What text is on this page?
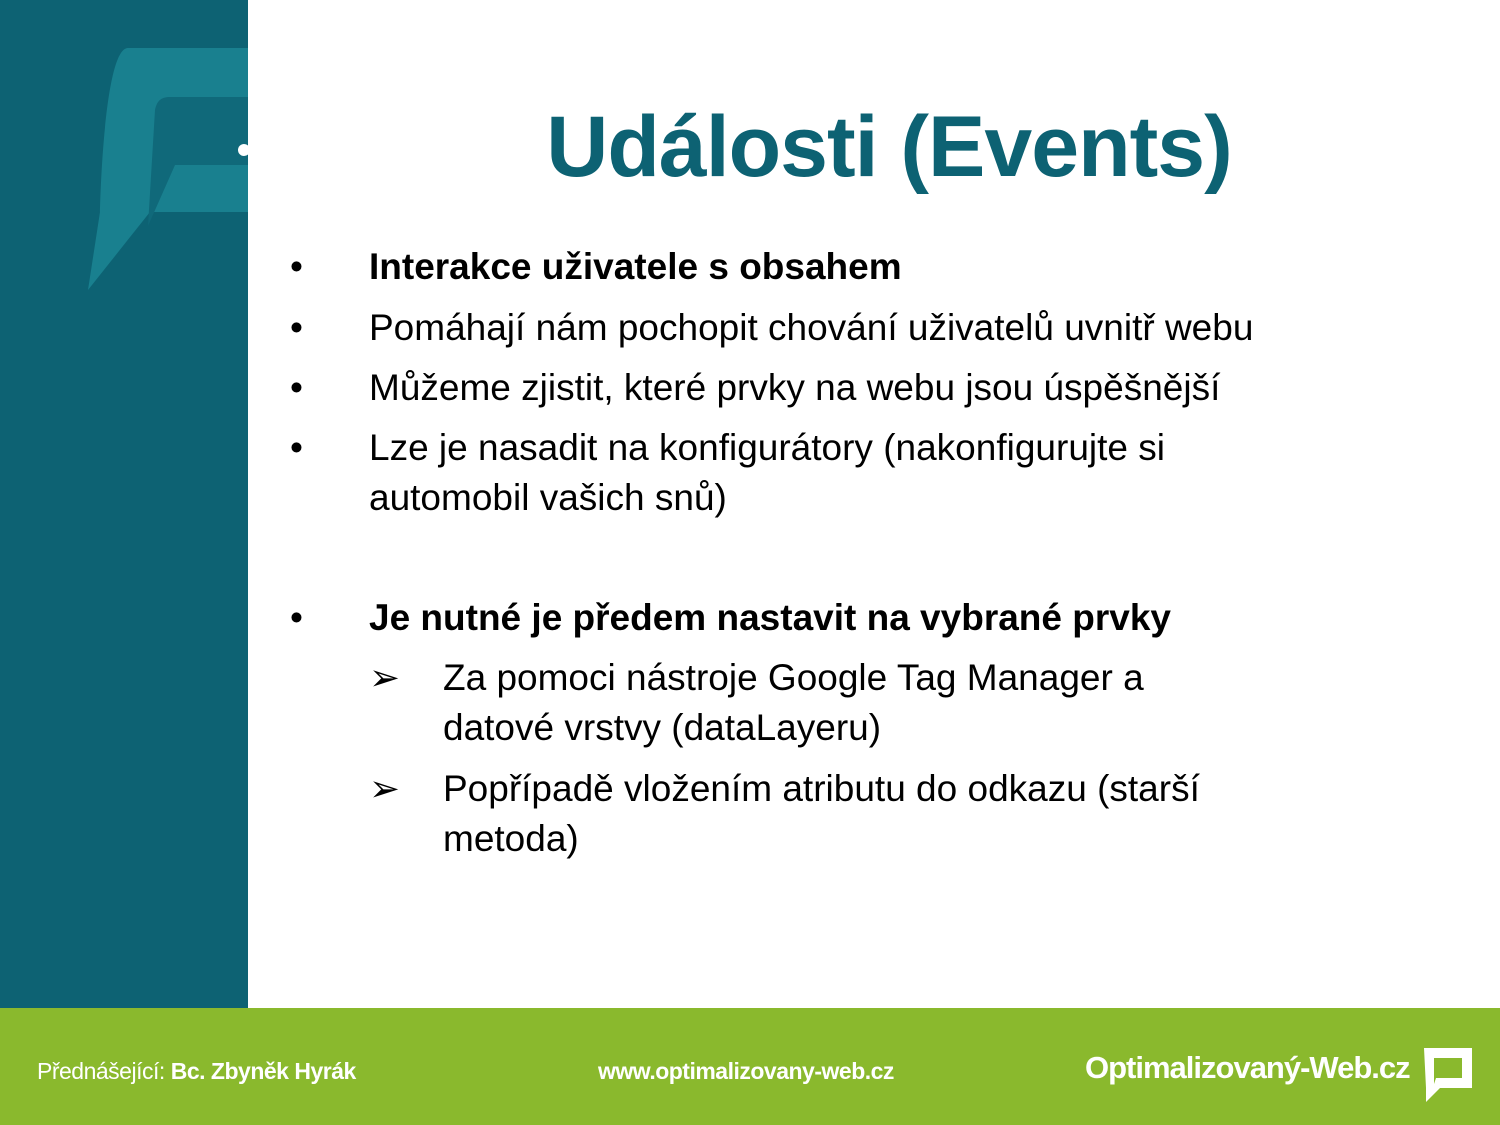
Události (Events)
• Interakce uživatele s obsahem
• Pomáhají nám pochopit chování uživatelů uvnitř webu
• Můžeme zjistit, které prvky na webu jsou úspěšnější
• Lze je nasadit na konfigurátory (nakonfigurujte si automobil vašich snů)
• Je nutné je předem nastavit na vybrané prvky
➢ Za pomoci nástroje Google Tag Manager a datové vrstvy (dataLayeru)
➢ Popřípadě vložením atributu do odkazu (starší metoda)
Přednášející: Bc. Zbyněk Hyrák	www.optimalizovany-web.cz	Optimalizovaný-Web.cz
